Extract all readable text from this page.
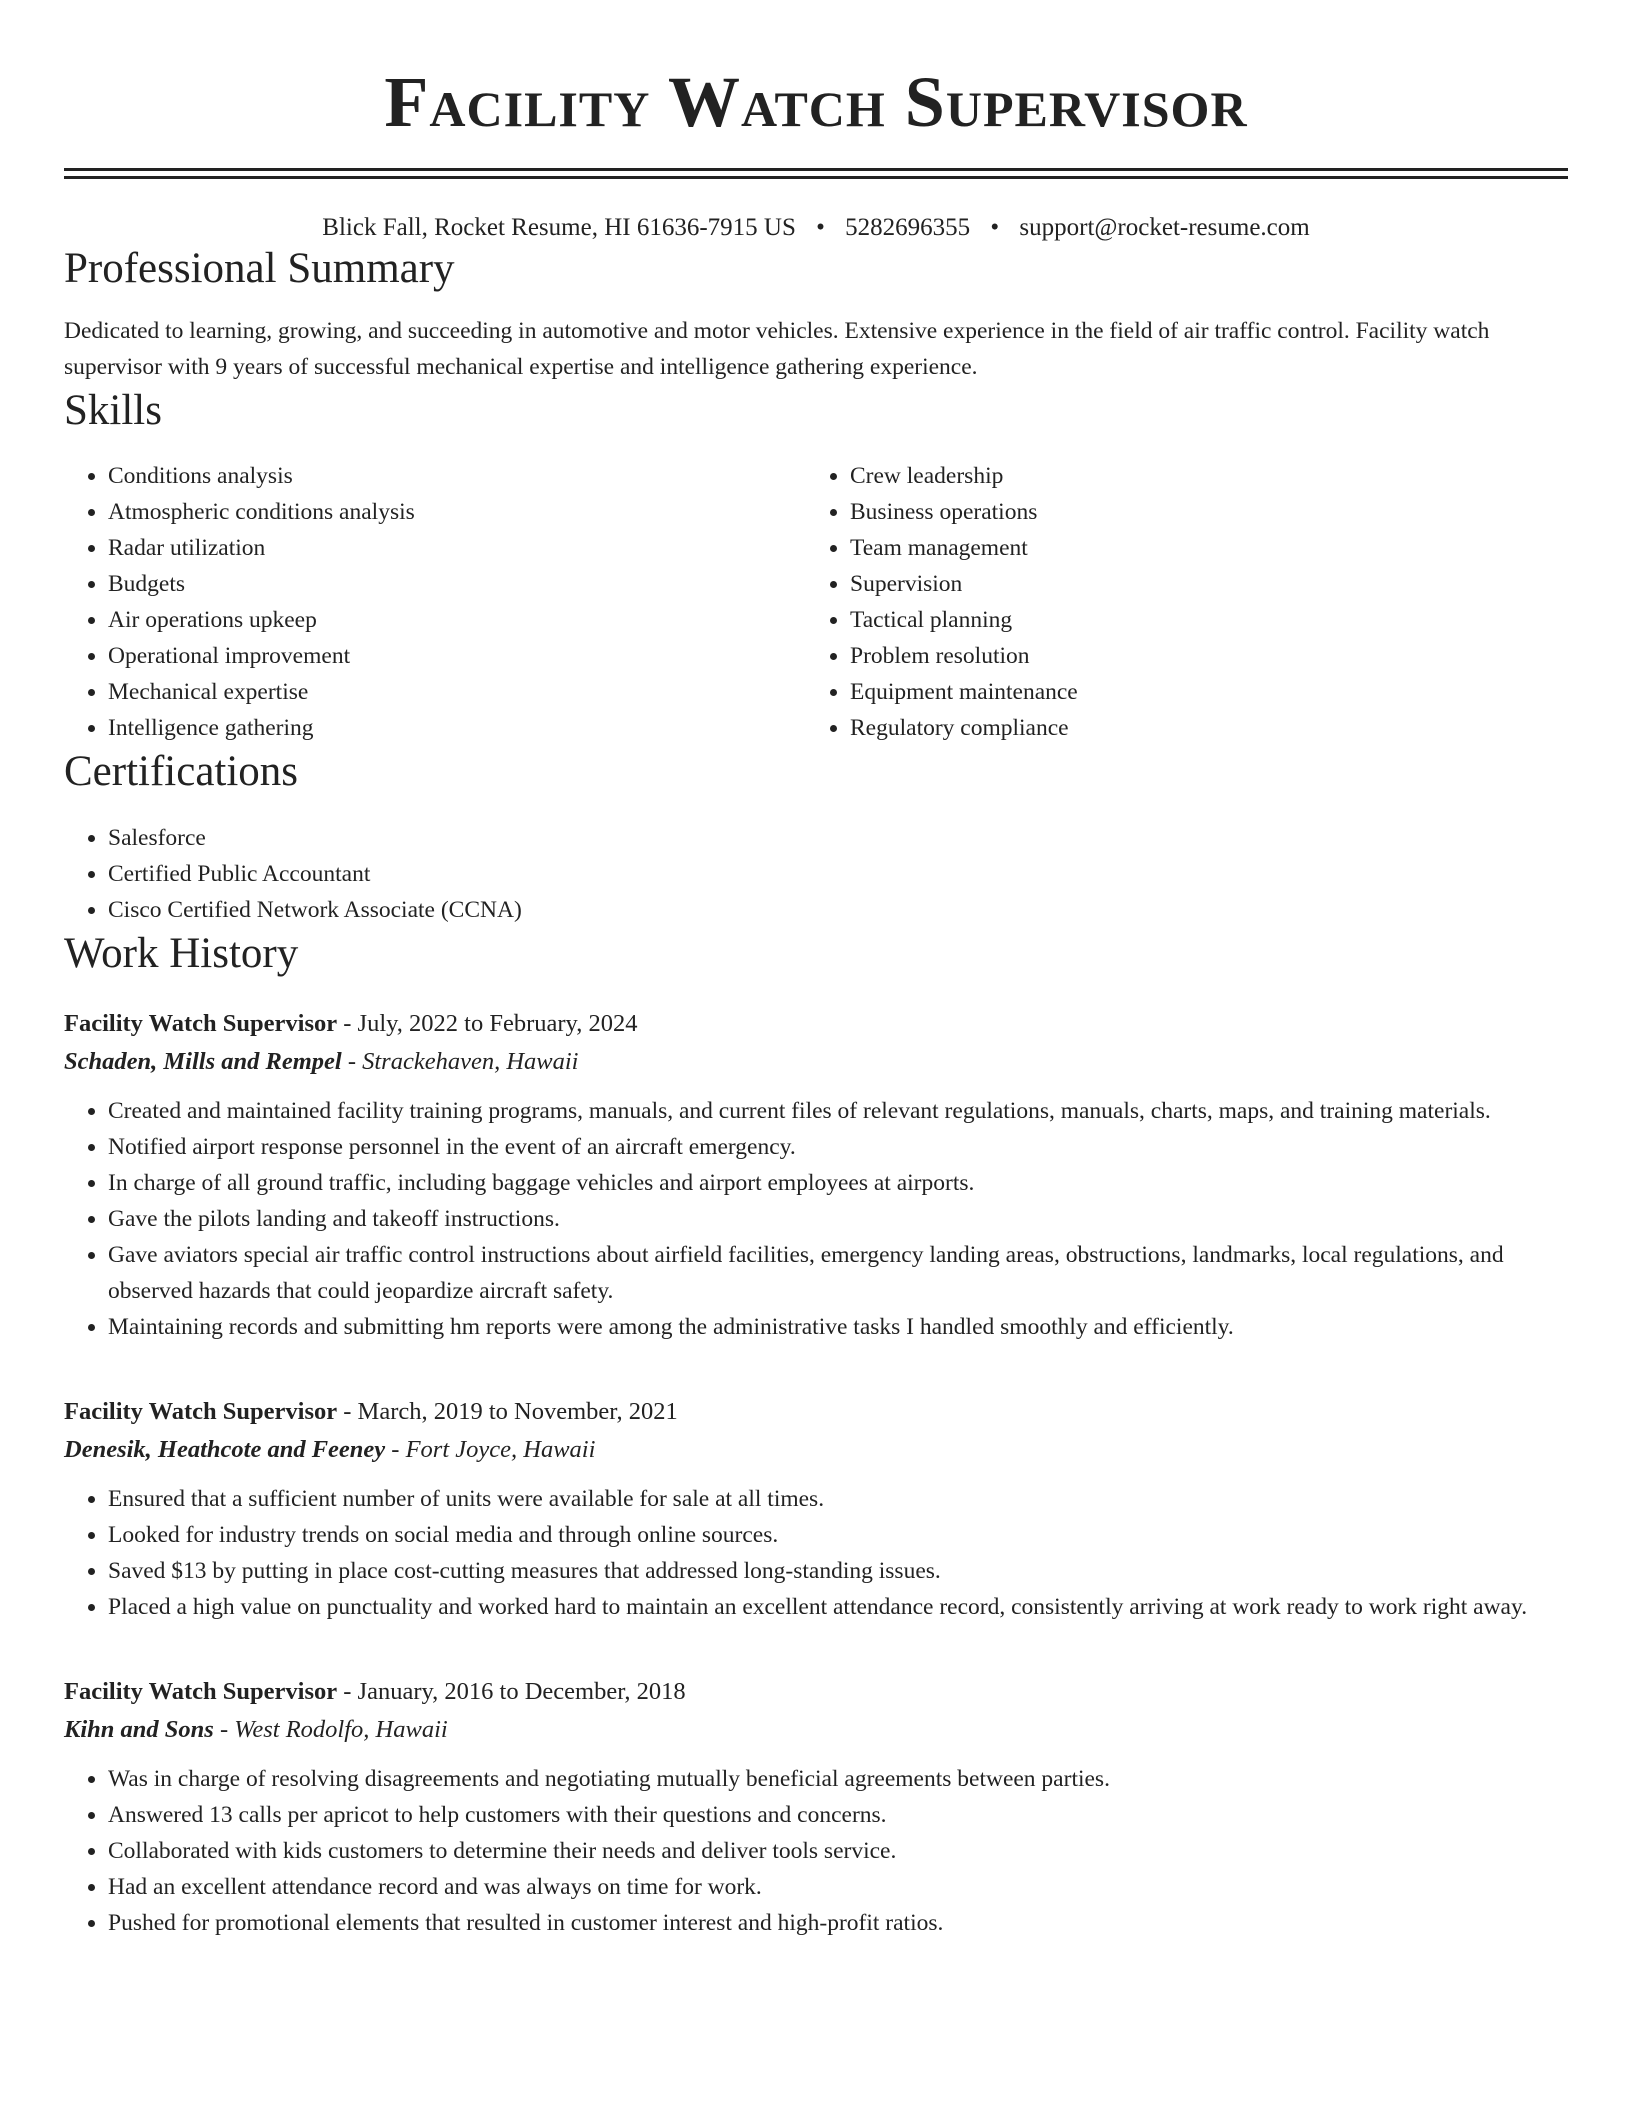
Facility Watch Supervisor
Blick Fall, Rocket Resume, HI 61636-7915 US • 5282696355 • support@rocket-resume.com
Professional Summary

Dedicated to learning, growing, and succeeding in automotive and motor vehicles. Extensive experience in the field of air traffic control. Facility watch supervisor with 9 years of successful mechanical expertise and intelligence gathering experience.

Skills
• Conditions analysis
• Atmospheric conditions analysis
• Radar utilization
• Budgets
• Air operations upkeep
• Operational improvement
• Mechanical expertise
• Intelligence gathering
• Crew leadership
• Business operations
• Team management
• Supervision
• Tactical planning
• Problem resolution
• Equipment maintenance
• Regulatory compliance
Certifications
• Salesforce
• Certified Public Accountant
• Cisco Certified Network Associate (CCNA)
Work History
Facility Watch Supervisor - July, 2022 to February, 2024
Schaden, Mills and Rempel - Strackehaven, Hawaii
• Created and maintained facility training programs, manuals, and current files of relevant regulations, manuals, charts, maps, and training materials.
• Notified airport response personnel in the event of an aircraft emergency.
• In charge of all ground traffic, including baggage vehicles and airport employees at airports.
• Gave the pilots landing and takeoff instructions.
• Gave aviators special air traffic control instructions about airfield facilities, emergency landing areas, obstructions, landmarks, local regulations, and observed hazards that could jeopardize aircraft safety.
• Maintaining records and submitting hm reports were among the administrative tasks I handled smoothly and efficiently.
Facility Watch Supervisor - March, 2019 to November, 2021
Denesik, Heathcote and Feeney - Fort Joyce, Hawaii
• Ensured that a sufficient number of units were available for sale at all times.
• Looked for industry trends on social media and through online sources.
• Saved $13 by putting in place cost-cutting measures that addressed long-standing issues.
• Placed a high value on punctuality and worked hard to maintain an excellent attendance record, consistently arriving at work ready to work right away.
Facility Watch Supervisor - January, 2016 to December, 2018
Kihn and Sons - West Rodolfo, Hawaii
• Was in charge of resolving disagreements and negotiating mutually beneficial agreements between parties.
• Answered 13 calls per apricot to help customers with their questions and concerns.
• Collaborated with kids customers to determine their needs and deliver tools service.
• Had an excellent attendance record and was always on time for work.
• Pushed for promotional elements that resulted in customer interest and high-profit ratios.
